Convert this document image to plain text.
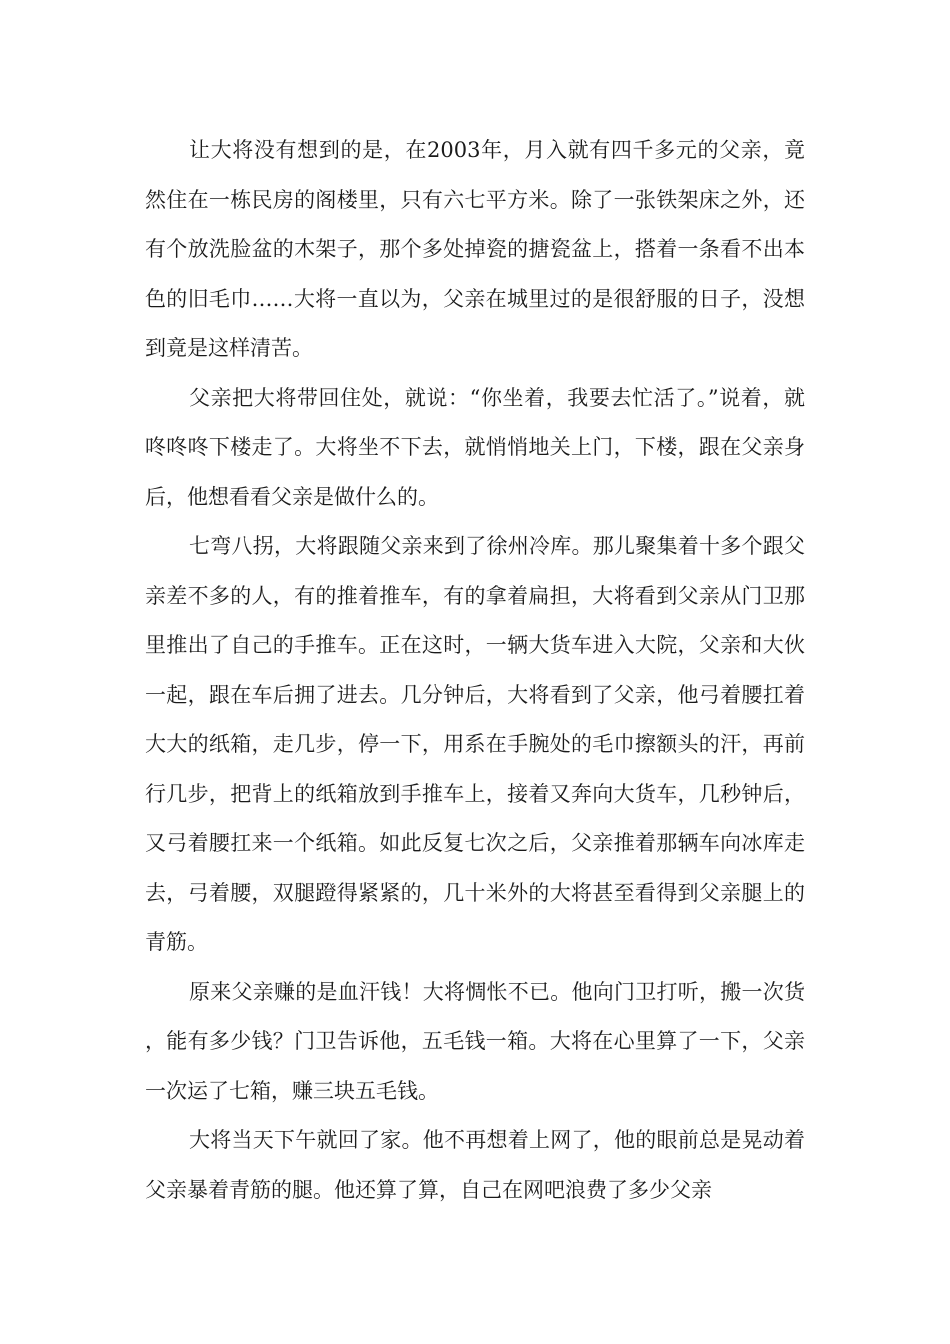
让大将没有想到的是，在2003年，月入就有四千多元的父亲，竟然住在一栋民房的阁楼里，只有六七平方米。除了一张铁架床之外，还有个放洗脸盆的木架子，那个多处掉瓷的搪瓷盆上，搭着一条看不出本色的旧毛巾……大将一直以为，父亲在城里过的是很舒服的日子，没想到竟是这样清苦。

父亲把大将带回住处，就说：“你坐着，我要去忙活了。”说着，就咚咚咚下楼走了。大将坐不下去，就悄悄地关上门，下楼，跟在父亲身后，他想看看父亲是做什么的。

七弯八拐，大将跟随父亲来到了徐州冷库。那儿聚集着十多个跟父亲差不多的人，有的推着推车，有的拿着扁担，大将看到父亲从门卫那里推出了自己的手推车。正在这时，一辆大货车进入大院，父亲和大伙一起，跟在车后拥了进去。几分钟后，大将看到了父亲，他弓着腰扛着大大的纸箱，走几步，停一下，用系在手腕处的毛巾擦额头的汗，再前行几步，把背上的纸箱放到手推车上，接着又奔向大货车，几秒钟后，又弓着腰扛来一个纸箱。如此反复七次之后，父亲推着那辆车向冰库走去，弓着腰，双腿蹬得紧紧的，几十米外的大将甚至看得到父亲腿上的青筋。

原来父亲赚的是血汗钱！大将惆怅不已。他向门卫打听，搬一次货，能有多少钱？门卫告诉他，五毛钱一箱。大将在心里算了一下，父亲一次运了七箱，赚三块五毛钱。

大将当天下午就回了家。他不再想着上网了，他的眼前总是晃动着父亲暴着青筋的腿。他还算了算，自己在网吧浪费了多少父亲
